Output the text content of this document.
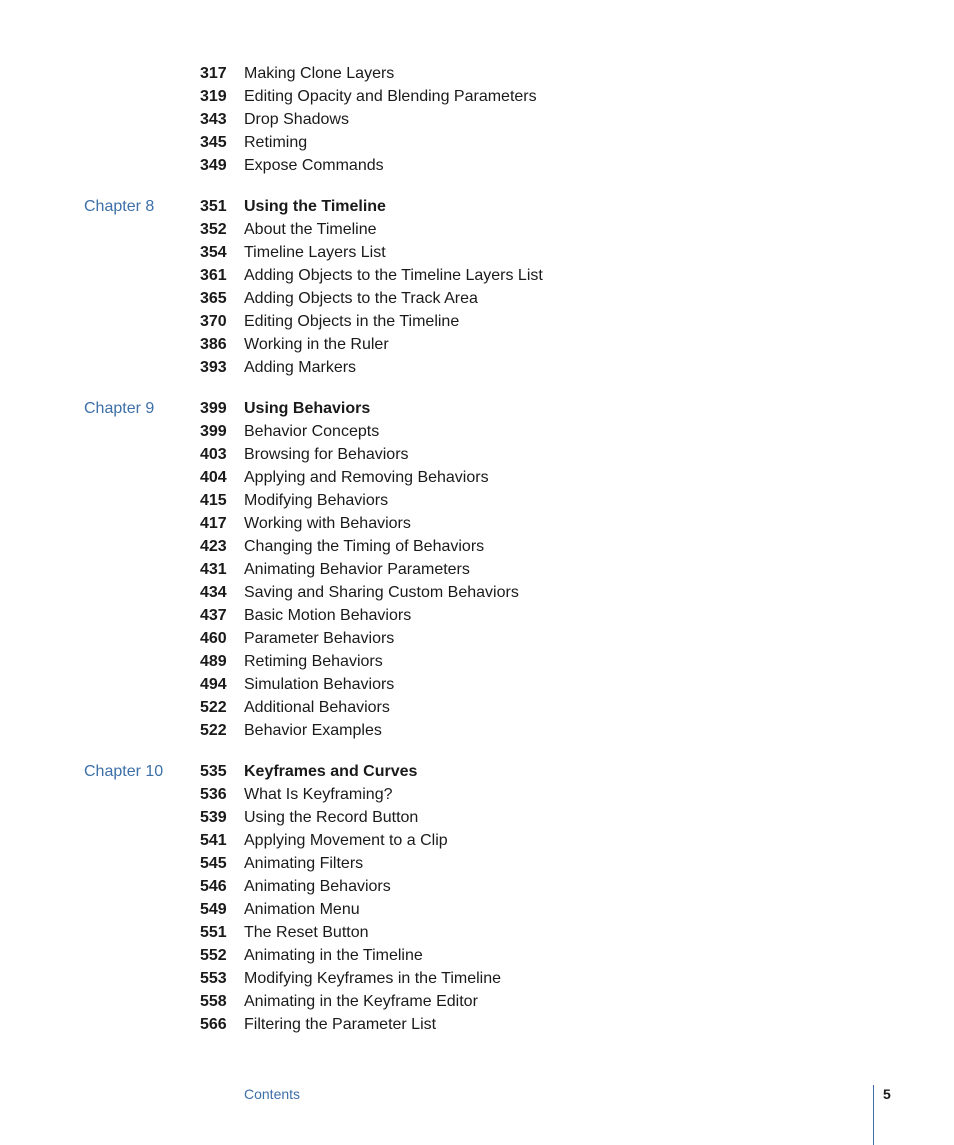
317 Making Clone Layers
319 Editing Opacity and Blending Parameters
343 Drop Shadows
345 Retiming
349 Expose Commands
Chapter 8	351 Using the Timeline
352 About the Timeline
354 Timeline Layers List
361 Adding Objects to the Timeline Layers List
365 Adding Objects to the Track Area
370 Editing Objects in the Timeline
386 Working in the Ruler
393 Adding Markers
Chapter 9	399 Using Behaviors
399 Behavior Concepts
403 Browsing for Behaviors
404 Applying and Removing Behaviors
415 Modifying Behaviors
417 Working with Behaviors
423 Changing the Timing of Behaviors
431 Animating Behavior Parameters
434 Saving and Sharing Custom Behaviors
437 Basic Motion Behaviors
460 Parameter Behaviors
489 Retiming Behaviors
494 Simulation Behaviors
522 Additional Behaviors
522 Behavior Examples
Chapter 10 535 Keyframes and Curves
536 What Is Keyframing?
539 Using the Record Button
541 Applying Movement to a Clip
545 Animating Filters
546 Animating Behaviors
549 Animation Menu
551 The Reset Button
552 Animating in the Timeline
553 Modifying Keyframes in the Timeline
558 Animating in the Keyframe Editor
566 Filtering the Parameter List
Contents	5
